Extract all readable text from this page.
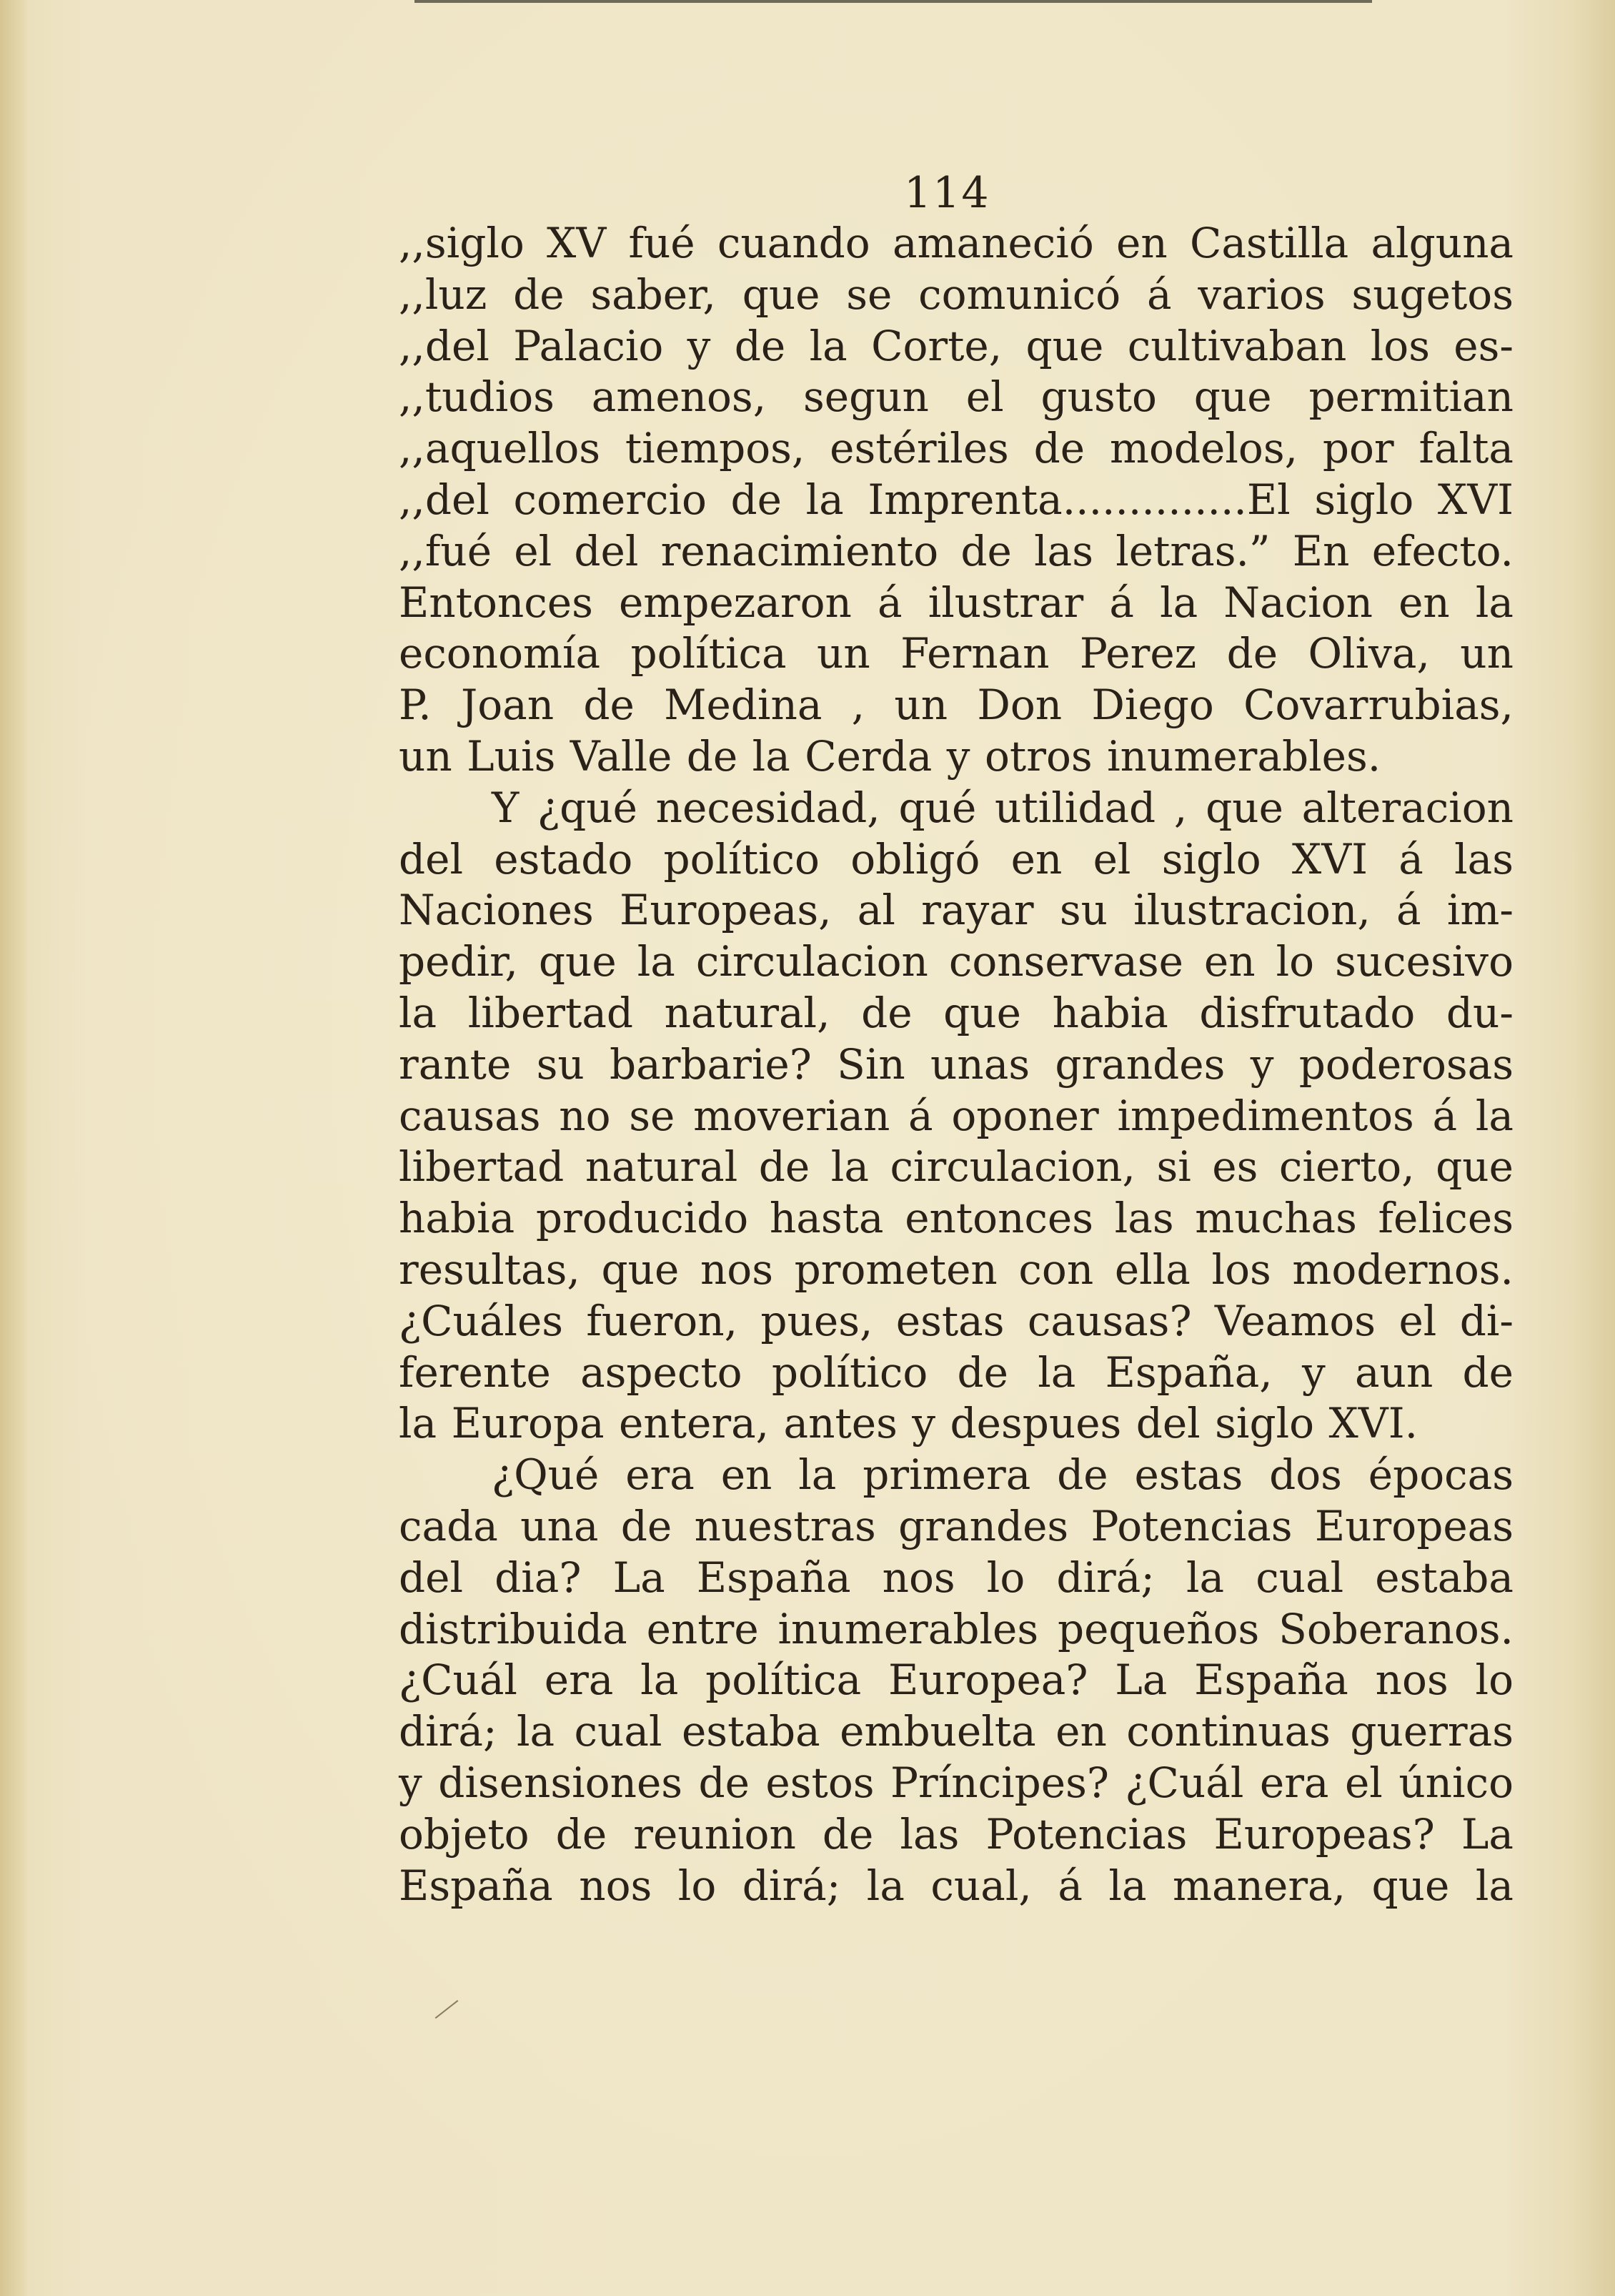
114
,,siglo XV fué cuando amaneció en Castilla alguna
,,luz de saber, que se comunicó á varios sugetos
,,del Palacio y de la Corte, que cultivaban los es-
,,tudios amenos, segun el gusto que permitian
,,aquellos tiempos, estériles de modelos, por falta
,,del comercio de la Imprenta..............El siglo XVI
,,fué el del renacimiento de las letras.” En efecto.
Entonces empezaron á ilustrar á la Nacion en la
economía política un Fernan Perez de Oliva, un
P. Joan de Medina , un Don Diego Covarrubias,
un Luis Valle de la Cerda y otros inumerables.
Y ¿qué necesidad, qué utilidad , que alteracion
del estado político obligó en el siglo XVI á las
Naciones Europeas, al rayar su ilustracion, á im-
pedir, que la circulacion conservase en lo sucesivo
la libertad natural, de que habia disfrutado du-
rante su barbarie? Sin unas grandes y poderosas
causas no se moverian á oponer impedimentos á la
libertad natural de la circulacion, si es cierto, que
habia producido hasta entonces las muchas felices
resultas, que nos prometen con ella los modernos.
¿Cuáles fueron, pues, estas causas? Veamos el di-
ferente aspecto político de la España, y aun de
la Europa entera, antes y despues del siglo XVI.
¿Qué era en la primera de estas dos épocas
cada una de nuestras grandes Potencias Europeas
del dia? La España nos lo dirá; la cual estaba
distribuida entre inumerables pequeños Soberanos.
¿Cuál era la política Europea? La España nos lo
dirá; la cual estaba embuelta en continuas guerras
y disensiones de estos Príncipes? ¿Cuál era el único
objeto de reunion de las Potencias Europeas? La
España nos lo dirá; la cual, á la manera, que la
